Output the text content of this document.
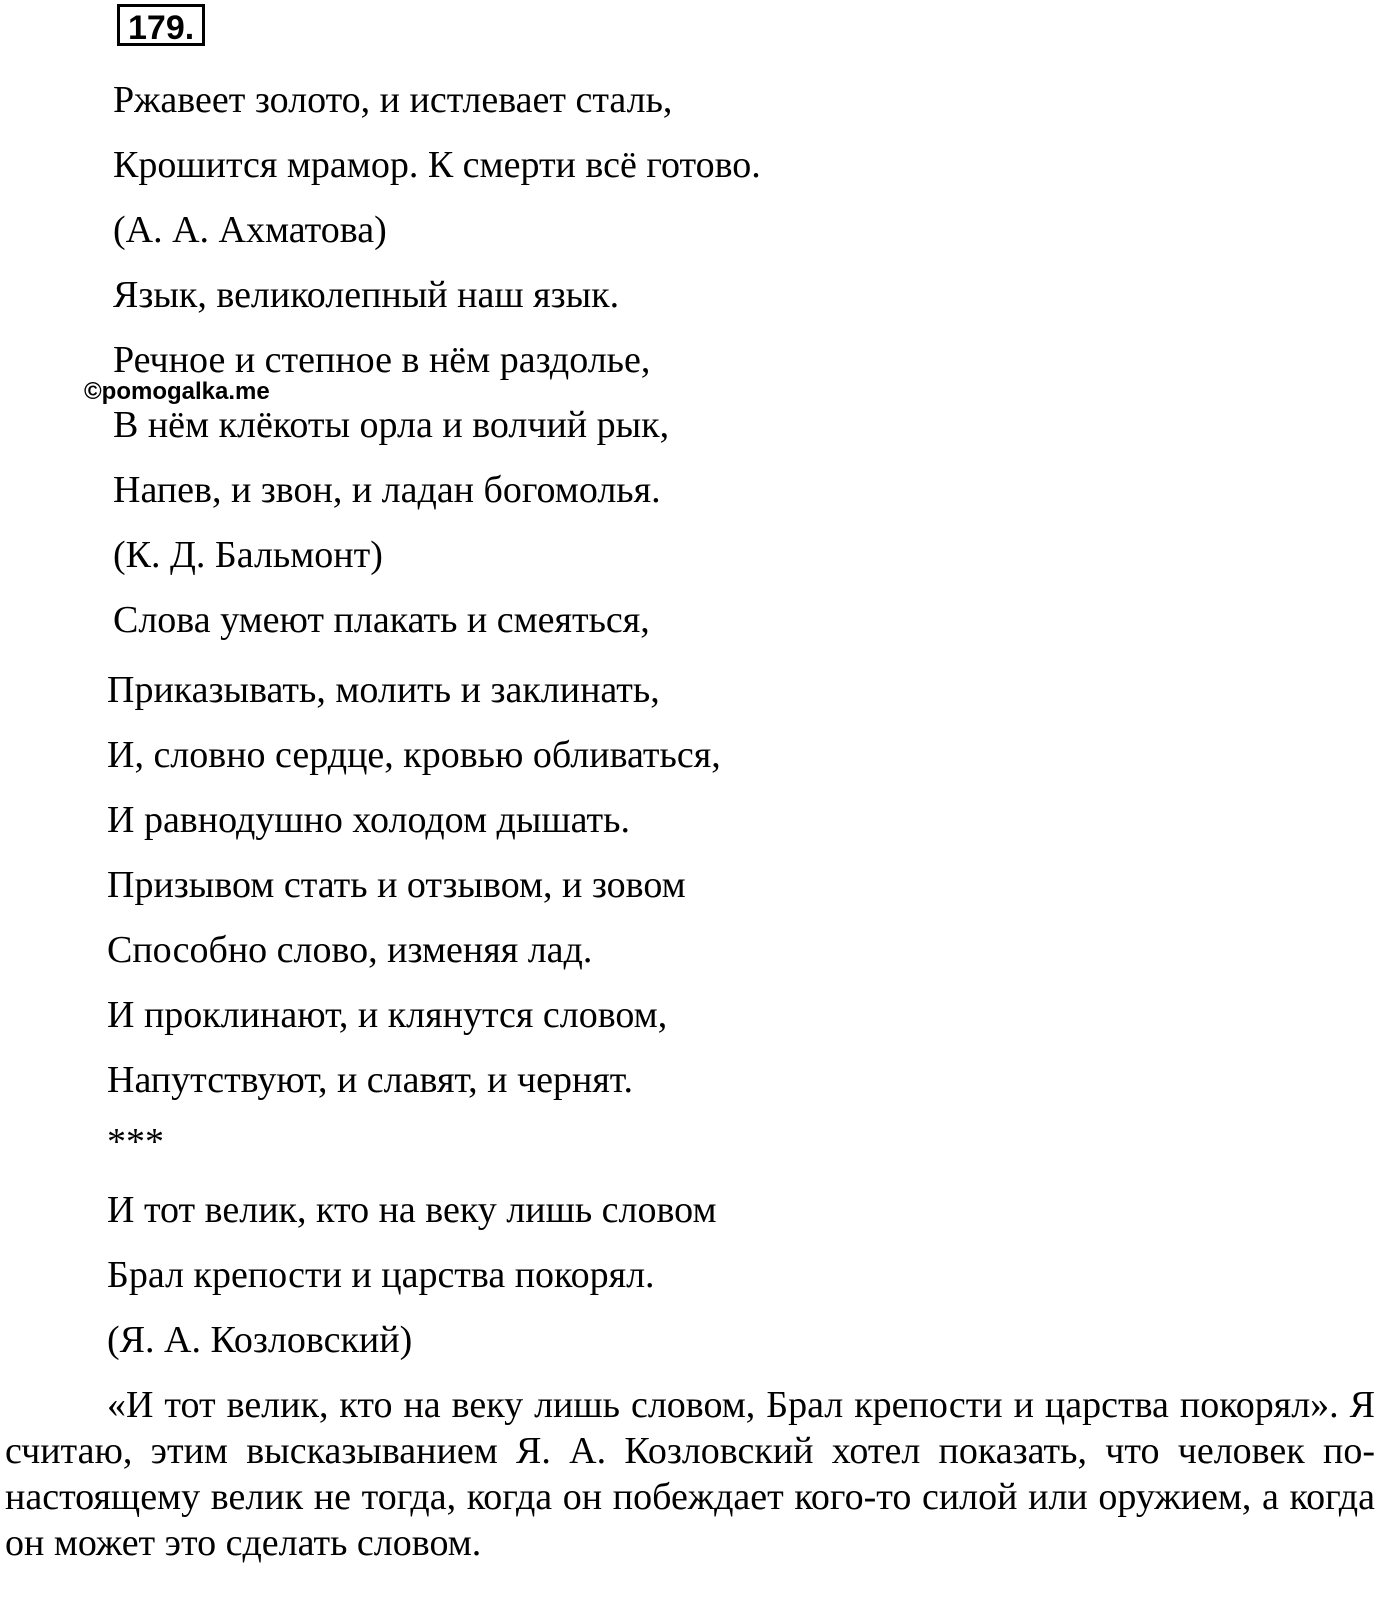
179.
Ржавеет золото, и истлевает сталь,
Крошится мрамор. К смерти всё готово.
(А. А. Ахматова)
Язык, великолепный наш язык.
Речное и степное в нём раздолье,
©pomogalka.me
В нём клёкоты орла и волчий рык,
Напев, и звон, и ладан богомолья.
(К. Д. Бальмонт)
Слова умеют плакать и смеяться,
Приказывать, молить и заклинать,
И, словно сердце, кровью обливаться,
И равнодушно холодом дышать.
Призывом стать и отзывом, и зовом
Способно слово, изменяя лад.
И проклинают, и клянутся словом,
Напутствуют, и славят, и чернят.
***
И тот велик, кто на веку лишь словом
Брал крепости и царства покорял.
(Я. А. Козловский)

«И тот велик, кто на веку лишь словом, Брал крепости и царства покорял». Я считаю, этим высказыванием Я. А. Козловский хотел показать, что человек по-настоящему велик не тогда, когда он побеждает кого-то силой или оружием, а когда он может это сделать словом.
